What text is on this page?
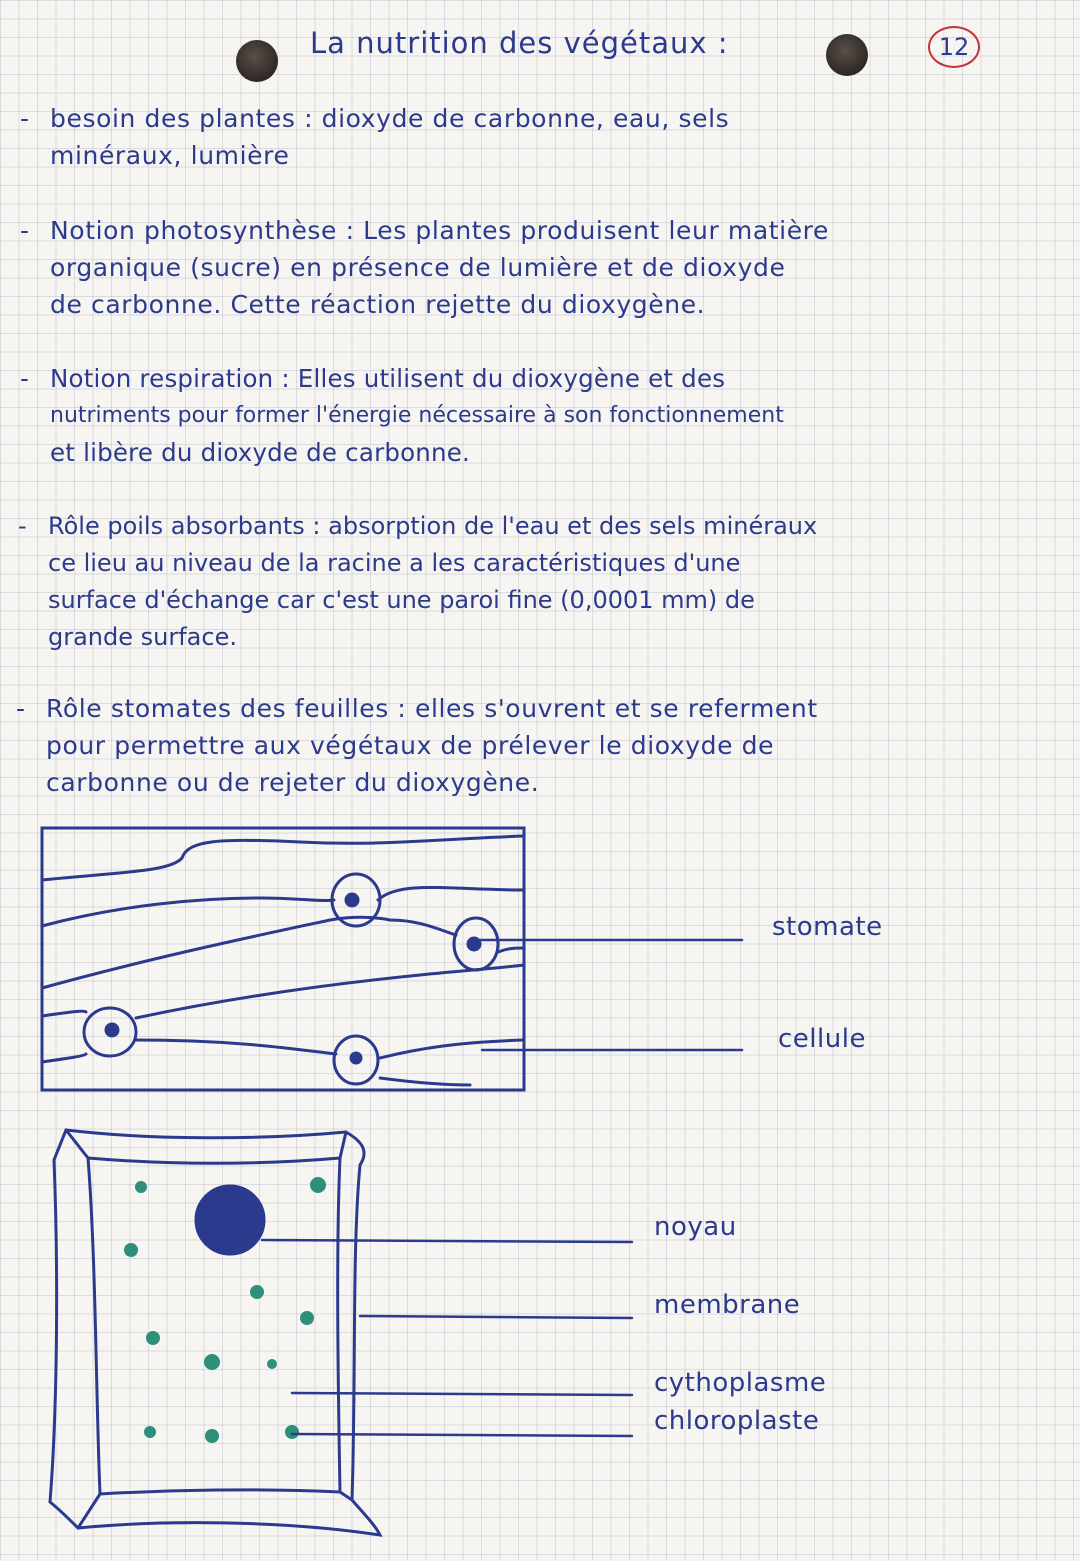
La nutrition des végétaux :	12
- besoin des plantes : dioxyde de carbonne, eau, sels

minéraux, lumière

- Notion photosynthèse : Les plantes produisent leur matière

organique (sucre) en présence de lumière et de dioxyde

de carbonne. Cette réaction rejette du dioxygène.

- Notion respiration : Elles utilisent du dioxygène et des

nutriments pour former l'énergie nécessaire à son fonctionnement

et libère du dioxyde de carbonne.

- Rôle poils absorbants : absorption de l'eau et des sels minéraux

ce lieu au niveau de la racine a les caractéristiques d'une

surface d'échange car c'est une paroi fine (0,0001 mm) de

grande surface.

- Rôle stomates des feuilles : elles s'ouvrent et se referment

pour permettre aux végétaux de prélever le dioxyde de

carbonne ou de rejeter du dioxygène.

stomate
cellule
noyau
membrane
cythoplasme
chloroplaste
